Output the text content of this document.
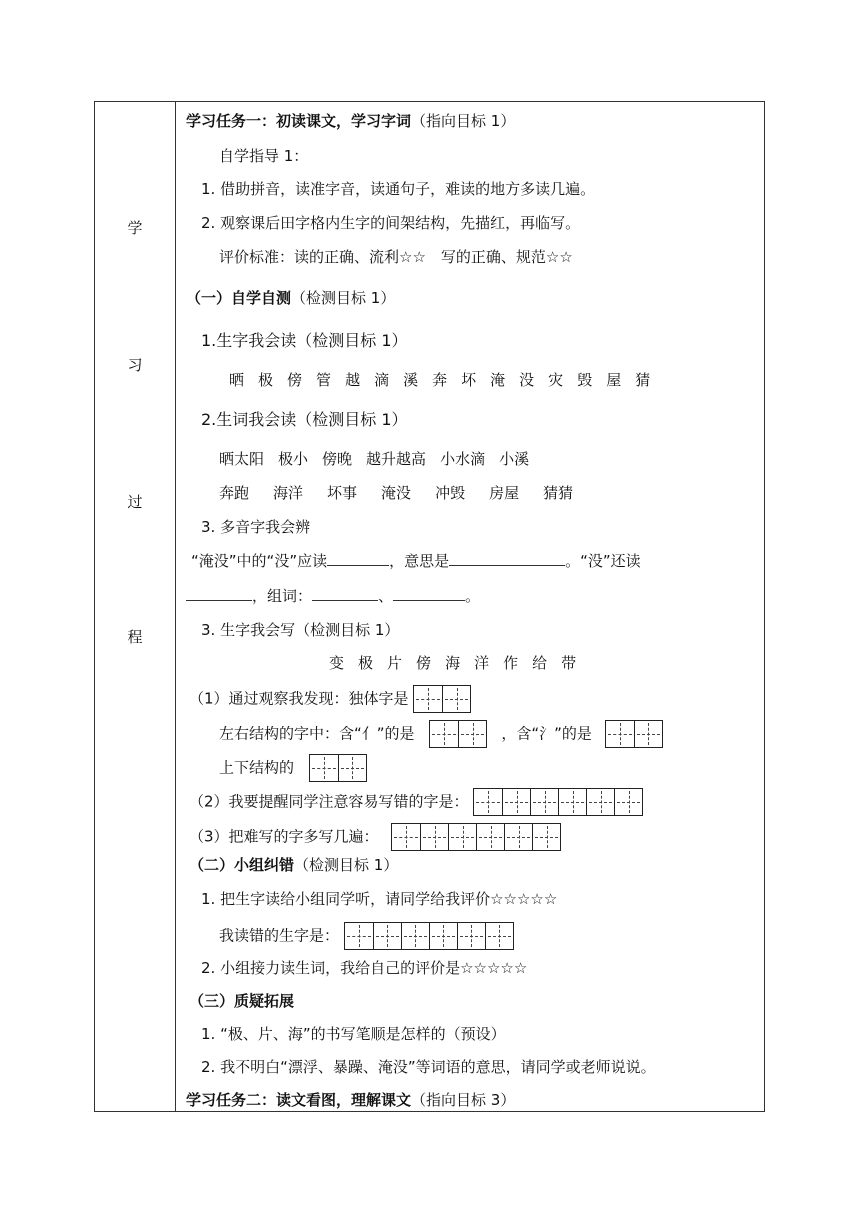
学
习
过
程
学习任务一：初读课文，学习字词（指向目标 1）
自学指导 1：
1. 借助拼音，读准字音，读通句子，难读的地方多读几遍。
2. 观察课后田字格内生字的间架结构，先描红，再临写。
评价标准：读的正确、流利☆☆　写的正确、规范☆☆
（一）自学自测（检测目标 1）
1.生字我会读（检测目标 1）
晒 极 傍 管 越 滴 溪 奔 坏 淹 没 灾 毁 屋 猜
2.生词我会读（检测目标 1）
晒太阳 极小 傍晚 越升越高 小水滴 小溪
奔跑 海洋 坏事 淹没 冲毁 房屋 猜猜
3. 多音字我会辨
“淹没”中的“没”应读	，意思是	。“没”还读
，组词：	、	。
3. 生字我会写（检测目标 1）
变 极 片 傍 海 洋 作 给 带
（1）通过观察我发现：独体字是
左右结构的字中：含“亻”的是	，含“氵”的是
上下结构的
（2）我要提醒同学注意容易写错的字是：
（3）把难写的字多写几遍：
（二）小组纠错（检测目标 1）
1. 把生字读给小组同学听，请同学给我评价☆☆☆☆☆
我读错的生字是：
2. 小组接力读生词，我给自己的评价是☆☆☆☆☆
（三）质疑拓展
1. “极、片、海”的书写笔顺是怎样的（预设）
2. 我不明白“漂浮、暴躁、淹没”等词语的意思，请同学或老师说说。
学习任务二：读文看图，理解课文（指向目标 3）
